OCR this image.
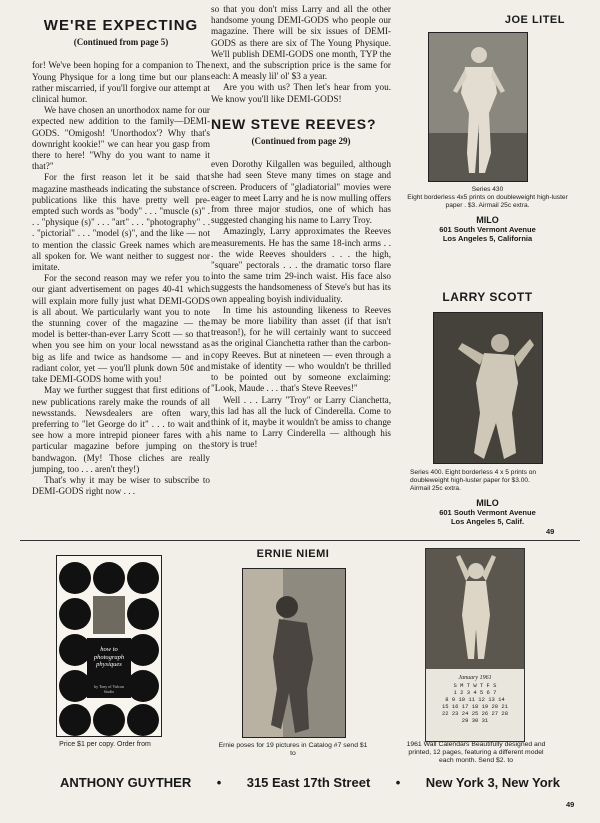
WE'RE EXPECTING
(Continued from page 5)

for! We've been hoping for a companion to The Young Physique for a long time but our plans rather miscarried, if you'll forgive our attempt at clinical humor.

We have chosen an unorthodox name for our expected new addition to the family—DEMI-GODS. "Omigosh! 'Unorthodox'? Why that's downright kookie!" we can hear you gasp from there to here! "Why do you want to name it that?"

For the first reason let it be said that magazine mastheads indicating the substance of publications like this have pretty well pre-empted such words as "body" . . . "muscle (s)" . . . "physique (s)" . . . "art" . . . "photography" . . . "pictorial" . . . "model (s)", and the like — not to mention the classic Greek names which are all spoken for. We want neither to suggest nor imitate.

For the second reason may we refer you to our giant advertisement on pages 40-41 which will explain more fully just what DEMI-GODS is all about. We particularly want you to note the stunning cover of the magazine — the model is better-than-ever Larry Scott — so that when you see him on your local newsstand as big as life and twice as handsome — and in radiant color, yet — you'll plunk down 50¢ and take DEMI-GODS home with you!

May we further suggest that first editions of new publications rarely make the rounds of all newsstands. Newsdealers are often wary, preferring to "let George do it" . . . to wait and see how a more intrepid pioneer fares with a particular magazine before jumping on the bandwagon. (My! Those cliches are really jumping, too . . . aren't they!)

That's why it may be wiser to subscribe to DEMI-GODS right now . . .

so that you don't miss Larry and all the other handsome young DEMI-GODS who people our magazine. There will be six issues of DEMI-GODS as there are six of The Young Physique. We'll publish DEMI-GODS one month, TYP the next, and the subscription price is the same for each: A measly lil' ol' $3 a year.

Are you with us? Then let's hear from you. We know you'll like DEMI-GODS!

NEW STEVE REEVES?
(Continued from page 29)

even Dorothy Kilgallen was beguiled, although she had seen Steve many times on stage and screen. Producers of "gladiatorial" movies were eager to meet Larry and he is now mulling offers from three major studios, one of which has suggested changing his name to Larry Troy.

Amazingly, Larry approximates the Reeves measurements. He has the same 18-inch arms . . . the wide Reeves shoulders . . . the high, "square" pectorals . . . the dramatic torso flare into the same trim 29-inch waist. His face also suggests the handsomeness of Steve's but has its own appealing boyish individuality.

In time his astounding likeness to Reeves may be more liability than asset (if that isn't treason!), for he will certainly want to succeed as the original Cianchetta rather than the carbon-copy Reeves. But at nineteen — even through a mistake of identity — who wouldn't be thrilled to be pointed out by someone exclaiming: "Look, Maude . . . that's Steve Reeves!"

Well . . . Larry "Troy" or Larry Cianchetta, this lad has all the luck of Cinderella. Come to think of it, maybe it wouldn't be amiss to change his name to Larry Cinderella — although his story is true!

JOE LITEL
Series 430
Eight borderless 4x5 prints on doubleweight high-luster paper . $3. Airmail 25c extra.
MILO
601 South Vermont Avenue
Los Angeles 5, California
LARRY SCOTT
Series 400. Eight borderless 4 x 5 prints on doubleweight high-luster paper for $3.00. Airmail 25c extra.
MILO
601 South Vermont Avenue
Los Angeles 5, Calif.
49
how to photograph physiques
by Tony of Vulcan Studio
Price $1 per copy. Order from
ERNIE NIEMI
Ernie poses for 19 pictures in Catalog #7 send $1 to
January 1961
S M T W T F S
1 2 3 4 5 6 7
8 9 10 11 12 13 14
15 16 17 18 19 20 21
22 23 24 25 26 27 28
29 30 31
1961 Wall Calendars Beautifully designed and printed, 12 pages, featuring a different model each month. Send $2. to
ANTHONY GUYTHER • 315 East 17th Street • New York 3, New York
49
